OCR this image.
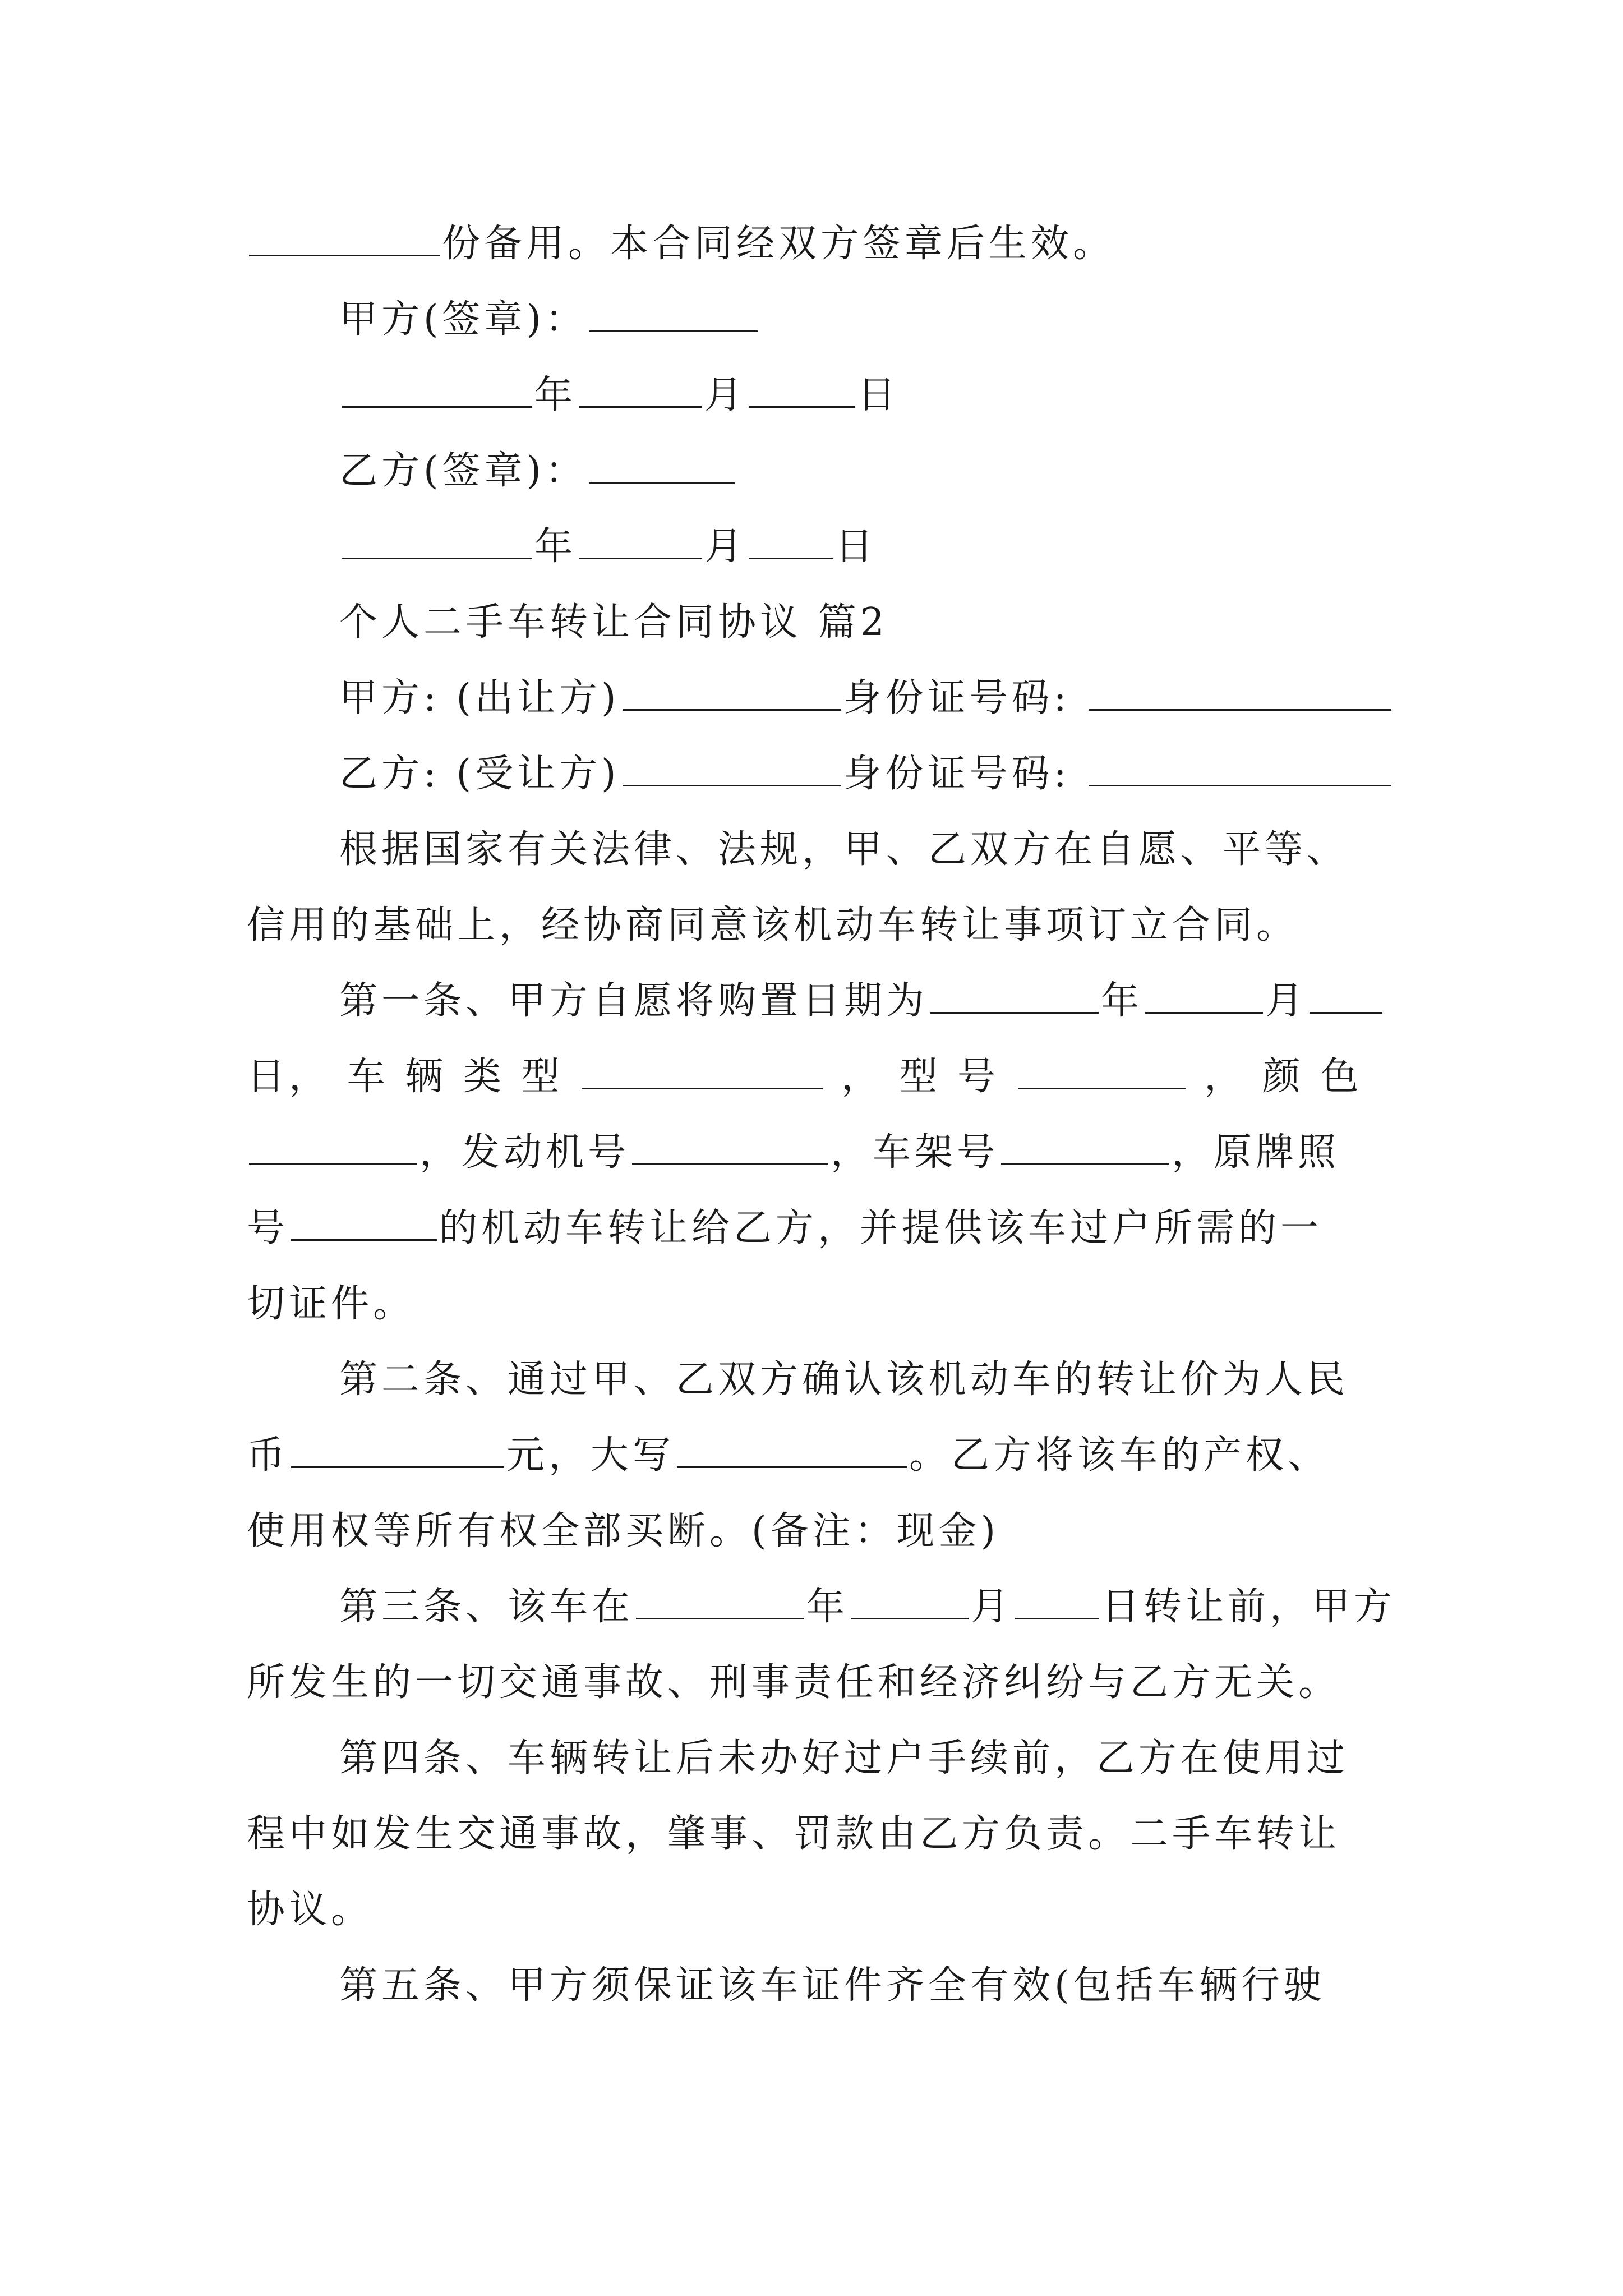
份备用。本合同经双方签章后生效。
甲方(签章)：
年	月	日
乙方(签章)：
年	月 日
个人二手车转让合同协议 篇2
甲方: (出让方)	身份证号码:
乙方: (受让方)	身份证号码:
根据国家有关法律、法规，甲、乙双方在自愿、平等、
信用的基础上，经协商同意该机动车转让事项订立合同。
第一条、甲方自愿将购置日期为	年	月
日， 车 辆 类 型	， 型 号	， 颜 色
，发动机号	，车架号	，原牌照
号	的机动车转让给乙方，并提供该车过户所需的一
切证件。
第二条、通过甲、乙双方确认该机动车的转让价为人民
币	元，大写	。乙方将该车的产权、
使用权等所有权全部买断。(备注：现金)
第三条、该车在	年	月 日转让前，甲方
所发生的一切交通事故、刑事责任和经济纠纷与乙方无关。
第四条、车辆转让后未办好过户手续前，乙方在使用过
程中如发生交通事故，肇事、罚款由乙方负责。二手车转让
协议。
第五条、甲方须保证该车证件齐全有效(包括车辆行驶
